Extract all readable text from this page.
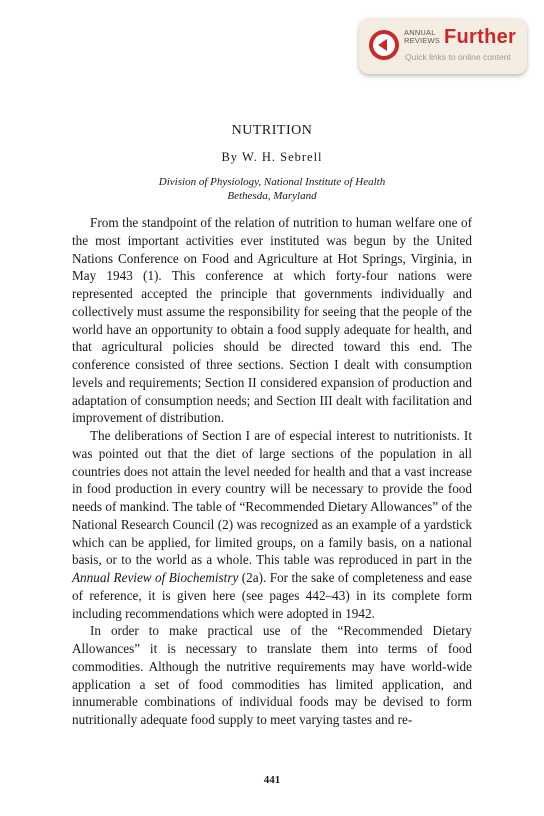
ANNUAL
REVIEWS Further
Quick links to online content
NUTRITION
By W. H. Sebrell
Division of Physiology, National Institute of Health
Bethesda, Maryland

From the standpoint of the relation of nutrition to human welfare one of the most important activities ever instituted was begun by the United Nations Conference on Food and Agriculture at Hot Springs, Virginia, in May 1943 (1). This conference at which forty-four nations were represented accepted the principle that governments individually and collectively must assume the responsibility for seeing that the people of the world have an opportunity to obtain a food supply adequate for health, and that agricultural policies should be directed toward this end. The conference consisted of three sections. Section I dealt with consumption levels and requirements; Section II considered expansion of production and adaptation of consumption needs; and Section III dealt with facilitation and improvement of distribution.

The deliberations of Section I are of especial interest to nutritionists. It was pointed out that the diet of large sections of the population in all countries does not attain the level needed for health and that a vast increase in food production in every country will be necessary to provide the food needs of mankind. The table of “Recommended Dietary Allowances” of the National Research Council (2) was recognized as an example of a yardstick which can be applied, for limited groups, on a family basis, on a national basis, or to the world as a whole. This table was reproduced in part in the Annual Review of Biochemistry (2a). For the sake of completeness and ease of reference, it is given here (see pages 442–43) in its complete form including recommendations which were adopted in 1942.

In order to make practical use of the “Recommended Dietary Allowances” it is necessary to translate them into terms of food commodities. Although the nutritive requirements may have world-wide application a set of food commodities has limited application, and innumerable combinations of individual foods may be devised to form nutritionally adequate food supply to meet varying tastes and re-

441
